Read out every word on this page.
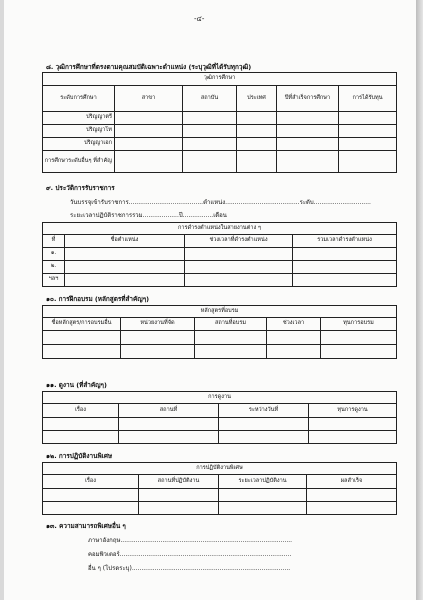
-๔-
๘. วุฒิการศึกษาที่ตรงตามคุณสมบัติเฉพาะตำแหน่ง (ระบุวุฒิที่ได้รับทุกวุฒิ)
วุฒิการศึกษา					
ระดับการศึกษา	สาขา	สถาบัน	ประเทศ	ปีที่สำเร็จการศึกษา	การได้รับทุน
ปริญญาตรี					
ปริญญาโท					
ปริญญาเอก					
การศึกษาระดับอื่นๆ ที่สำคัญ					
๙. ประวัติการรับราชการ
วันบรรจุเข้ารับราชการ.......................................ตำแหน่ง.......................................ระดับ..............................
ระยะเวลาปฏิบัติราชการรวม...................ปี................เดือน
การดำรงตำแหน่งในสายงานต่าง ๆ			
ที่	ชื่อตำแหน่ง	ช่วงเวลาที่ดำรงตำแหน่ง	รวมเวลาดำรงตำแหน่ง
๑.			
๒.			
ฯลฯ			
๑๐. การฝึกอบรม (หลักสูตรที่สำคัญๆ)
หลักสูตรที่อบรม				
ชื่อหลักสูตร/การอบรมอื่น	หน่วยงานที่จัด	สถานที่อบรม	ช่วงเวลา	ทุนการอบรม

๑๑. ดูงาน (ที่สำคัญๆ)
การดูงาน			
เรื่อง	สถานที่	ระหว่างวันที่	ทุนการดูงาน

๑๒. การปฏิบัติงานพิเศษ
การปฏิบัติงานพิเศษ			
เรื่อง	สถานที่ปฏิบัติงาน	ระยะเวลาปฏิบัติงาน	ผลสำเร็จ

๑๓. ความสามารถพิเศษอื่น ๆ
ภาษาอังกฤษ..........................................................................................
คอมพิวเตอร์..........................................................................................
อื่น ๆ (โปรดระบุ)...................................................................................
